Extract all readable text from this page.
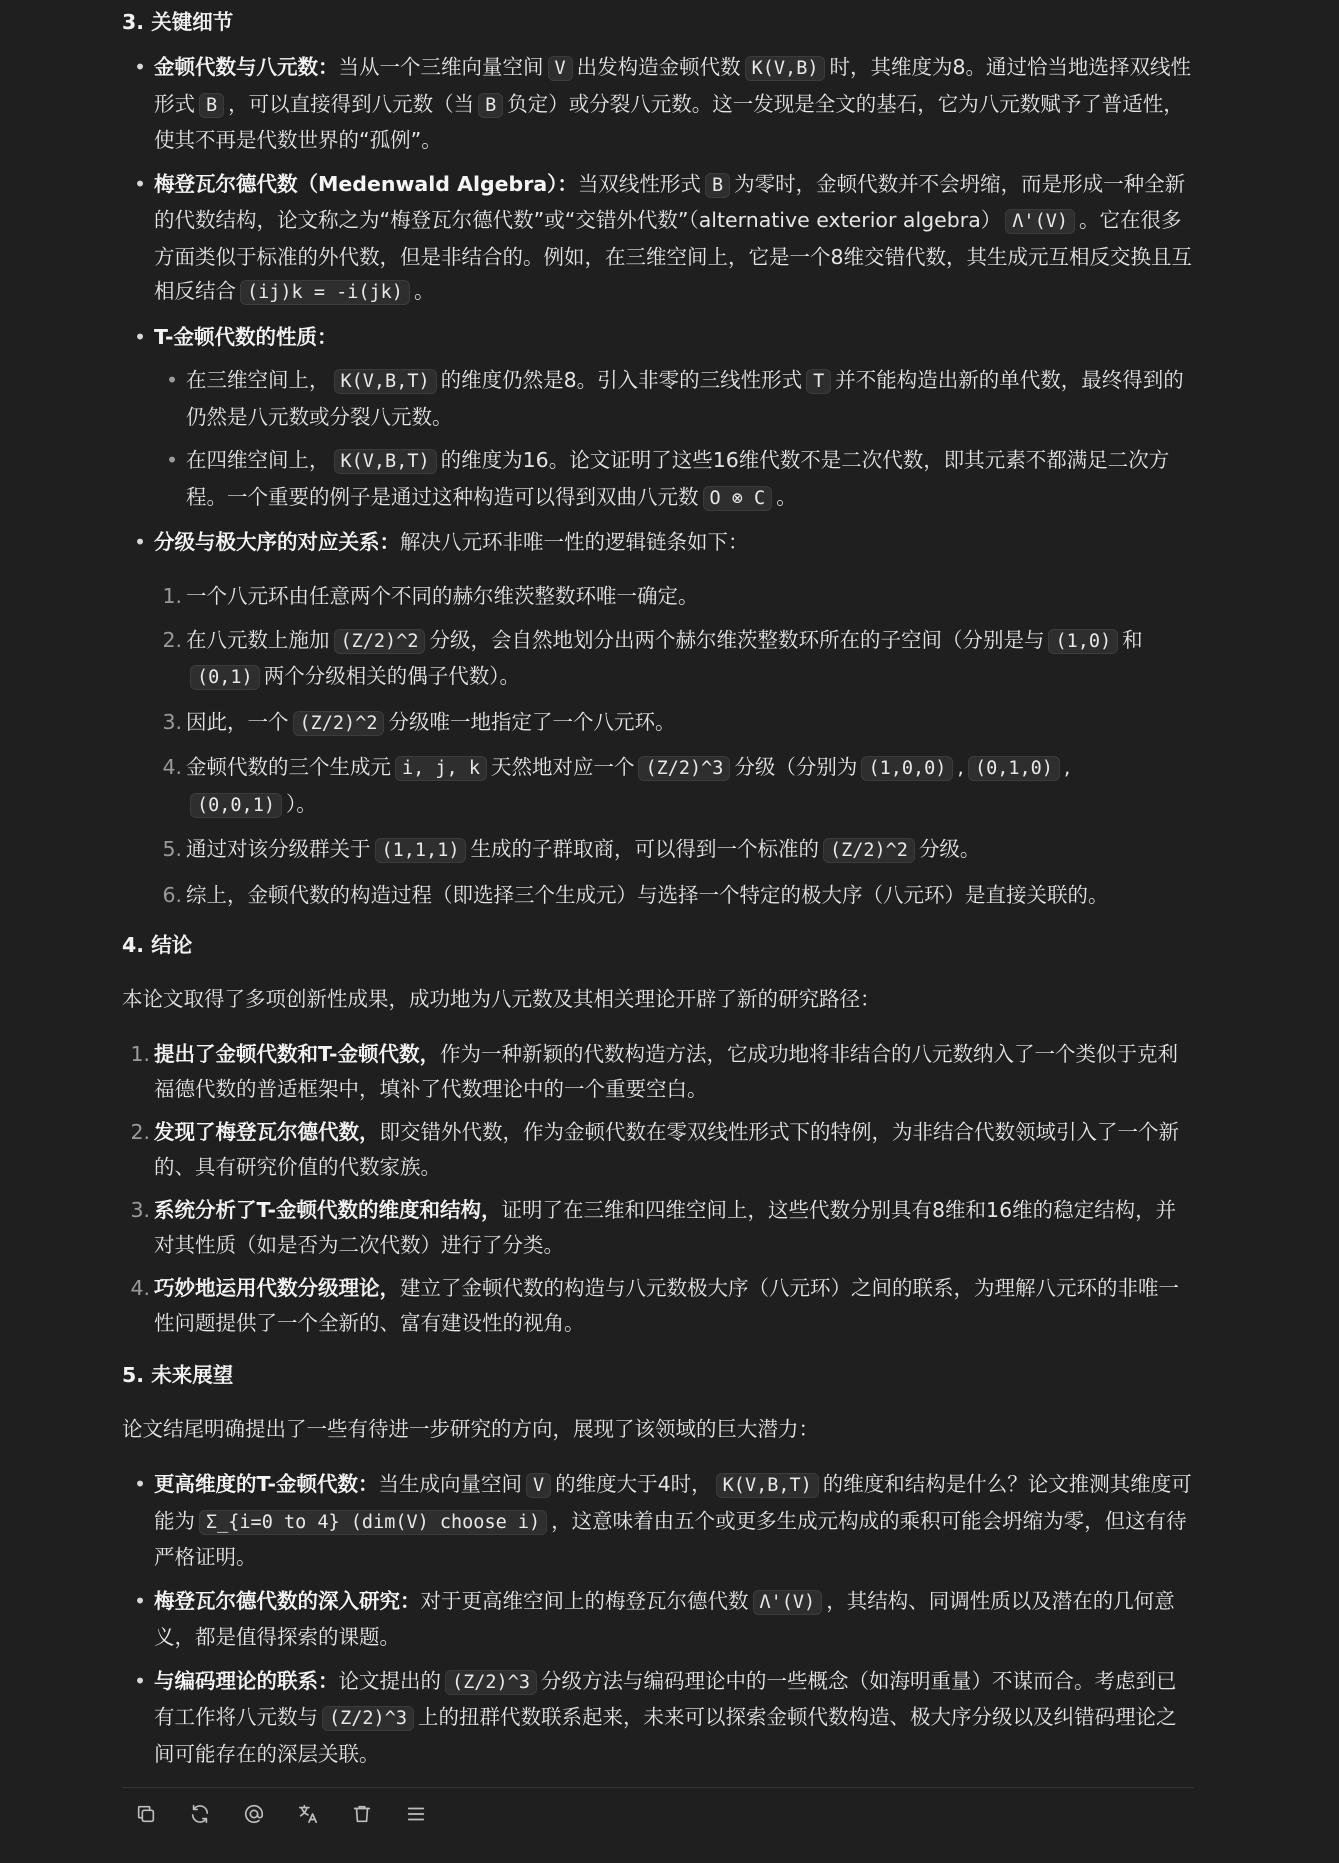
3. 关键细节
• 金顿代数与八元数：当从一个三维向量空间 V 出发构造金顿代数 K(V,B) 时，其维度为8。通过恰当地选择双线性形式 B ，可以直接得到八元数（当 B 负定）或分裂八元数。这一发现是全文的基石，它为八元数赋予了普适性，使其不再是代数世界的“孤例”。
• 梅登瓦尔德代数（Medenwald Algebra）：当双线性形式 B 为零时，金顿代数并不会坍缩，而是形成一种全新的代数结构，论文称之为“梅登瓦尔德代数”或“交错外代数”（alternative exterior algebra） Λ'(V) 。它在很多方面类似于标准的外代数，但是非结合的。例如，在三维空间上，它是一个8维交错代数，其生成元互相反交换且互相反结合 (ij)k = -i(jk) 。
• T-金顿代数的性质：
• 在三维空间上， K(V,B,T) 的维度仍然是8。引入非零的三线性形式 T 并不能构造出新的单代数，最终得到的仍然是八元数或分裂八元数。
• 在四维空间上， K(V,B,T) 的维度为16。论文证明了这些16维代数不是二次代数，即其元素不都满足二次方程。一个重要的例子是通过这种构造可以得到双曲八元数 O ⊗ C 。
• 分级与极大序的对应关系：解决八元环非唯一性的逻辑链条如下：
1. 一个八元环由任意两个不同的赫尔维茨整数环唯一确定。
2. 在八元数上施加 (Z/2)^2 分级，会自然地划分出两个赫尔维茨整数环所在的子空间（分别是与 (1,0) 和(0,1) 两个分级相关的偶子代数）。
3. 因此，一个 (Z/2)^2 分级唯一地指定了一个八元环。
4. 金顿代数的三个生成元 i, j, k 天然地对应一个 (Z/2)^3 分级（分别为 (1,0,0) , (0,1,0) ,(0,0,1) ）。
5. 通过对该分级群关于 (1,1,1) 生成的子群取商，可以得到一个标准的 (Z/2)^2 分级。
6. 综上，金顿代数的构造过程（即选择三个生成元）与选择一个特定的极大序（八元环）是直接关联的。
4. 结论
本论文取得了多项创新性成果，成功地为八元数及其相关理论开辟了新的研究路径：
1. 提出了金顿代数和T-金顿代数，作为一种新颖的代数构造方法，它成功地将非结合的八元数纳入了一个类似于克利福德代数的普适框架中，填补了代数理论中的一个重要空白。
2. 发现了梅登瓦尔德代数，即交错外代数，作为金顿代数在零双线性形式下的特例，为非结合代数领域引入了一个新的、具有研究价值的代数家族。
3. 系统分析了T-金顿代数的维度和结构，证明了在三维和四维空间上，这些代数分别具有8维和16维的稳定结构，并对其性质（如是否为二次代数）进行了分类。
4. 巧妙地运用代数分级理论，建立了金顿代数的构造与八元数极大序（八元环）之间的联系，为理解八元环的非唯一性问题提供了一个全新的、富有建设性的视角。
5. 未来展望
论文结尾明确提出了一些有待进一步研究的方向，展现了该领域的巨大潜力：
• 更高维度的T-金顿代数：当生成向量空间 V 的维度大于4时， K(V,B,T) 的维度和结构是什么？论文推测其维度可能为 Σ_{i=0 to 4} (dim(V) choose i) ，这意味着由五个或更多生成元构成的乘积可能会坍缩为零，但这有待严格证明。
• 梅登瓦尔德代数的深入研究：对于更高维空间上的梅登瓦尔德代数 Λ'(V) ，其结构、同调性质以及潜在的几何意义，都是值得探索的课题。
• 与编码理论的联系：论文提出的 (Z/2)^3 分级方法与编码理论中的一些概念（如海明重量）不谋而合。考虑到已有工作将八元数与 (Z/2)^3 上的扭群代数联系起来，未来可以探索金顿代数构造、极大序分级以及纠错码理论之间可能存在的深层关联。
